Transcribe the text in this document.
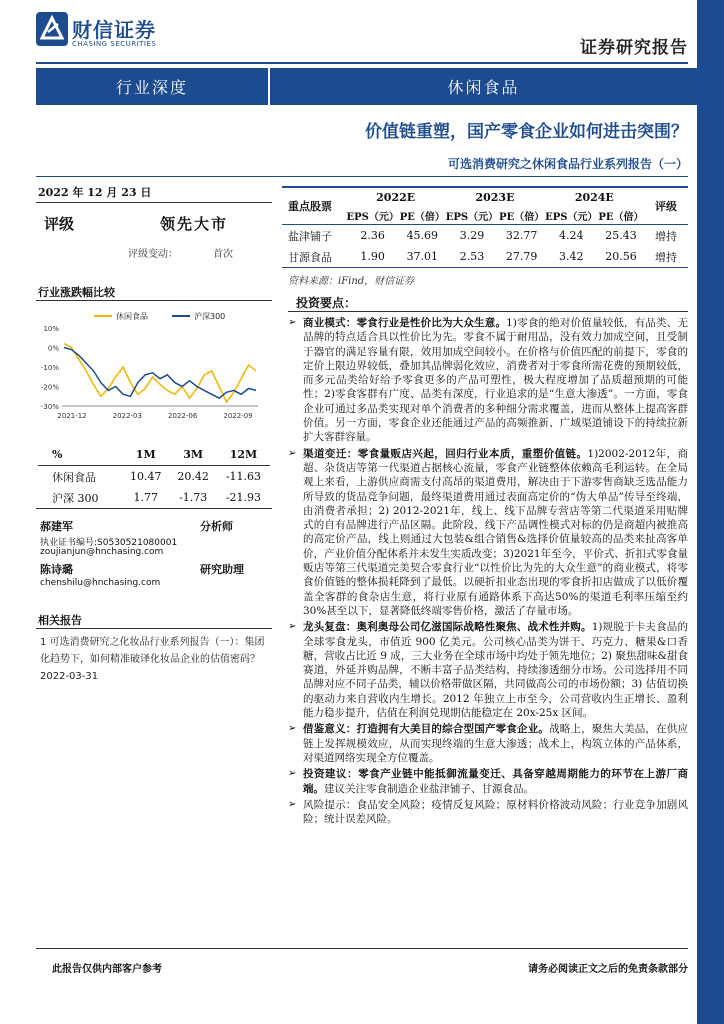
财信证券
CHASING SECURITIES	证券研究报告
行业深度	休闲食品
价值链重塑，国产零食企业如何进击突围？
可选消费研究之休闲食品行业系列报告（一）
2022 年 12 月 23 日
评级	领先大市
评级变动：	首次
行业涨跌幅比较
10%
0%
-10%
-20%
-30%
2021-12	2022-03	2022-06	2022-09
休闲食品	沪深300
%	1M	3M	12M
休闲食品	10.47	20.42	-11.63
沪深 300	1.77	-1.73	-21.93
郝建军	分析师
执业证书编号:S0530521080001
zoujianjun@hnchasing.com
陈诗璐	研究助理
chenshilu@hnchasing.com
相关报告
1 可选消费研究之化妆品行业系列报告（一）：集团化趋势下，如何精准破译化妆品企业的估值密码？2022-03-31
重点股票	2022E		2023E		2024E		评级
	EPS（元）	PE（倍）	EPS（元）	PE（倍）	EPS（元）	PE（倍）	
盐津铺子	2.36	45.69	3.29	32.77	4.24	25.43	增持
甘源食品	1.90	37.01	2.53	27.79	3.42	20.56	增持
资料来源：iFind，财信证券
投资要点：
➢ 商业模式：零食行业是性价比为大众生意。1)零食的绝对价值量较低，有品类、无品牌的特点适合具以性价比为先。零食不属于耐用品，没有效力加成空间，且受制于器官的满足容量有限，效用加成空间较小。在价格与价值匹配的前提下，零食的定价上限边界较低，叠加其品牌弱化效应，消费者对于零食所需花费的预期较低，而多元品类给好给予零食更多的产品可塑性，极大程度增加了品质超预期的可能性；2)零食客群有广度、品类有深度，行业追求的是“生意大渗透”。一方面，零食企业可通过多品类实现对单个消费者的多种细分需求覆盖，进而从整体上提高客群价值。另一方面，零食企业还能通过产品的高频推新、广域渠道铺设下的持续拉新扩大客群容量。
➢ 渠道变迁：零食量贩店兴起，回归行业本质，重塑价值链。1)2002-2012年，商超、杂货店等第一代渠道占据核心流量，零食产业链整体依赖高毛利运转。在全局观上来看，上游供应商需支付高昂的渠道费用，解决由于下游零售商缺乏选品能力所导致的货品竞争问题，最终渠道费用通过表面高定价的“伪大单品”传导至终端，由消费者承担；2) 2012-2021年，线上、线下品牌专营店等第二代渠道采用贴牌式的自有品牌进行产品区隔。此阶段，线下产品调性模式对标的仍是商超内被推高的高定价产品，线上则通过大包装&组合销售&选择价值量较高的品类来扯高客单价，产业价值分配体系并未发生实质改变；3)2021年至今，平价式、折扣式零食量贩店等第三代渠道完美契合零食行业“以性价比为先的大众生意”的商业模式，将零食价值链的整体损耗降到了最低。以硬折扣业态出现的零食折扣店做成了以低价覆盖全客群的食杂店生意，将行业原有通路体系下高达50%的渠道毛利率压缩至约30%甚至以下，显著降低终端零售价格，激活了存量市场。
➢ 龙头复盘：奥利奥母公司亿滋国际战略性聚焦、战术性并购。1)规脱于卡夫食品的全球零食龙头，市值近 900 亿美元。公司核心品类为饼干、巧克力、糖果&口香糖，营收占比近 9 成，三大业务在全球市场中均处于领先地位；2) 聚焦甜味&甜食赛道，外延并购品牌，不断丰富子品类结构，持续渗透细分市场。公司选择用不同品牌对应不同子品类，辅以价格带做区隔，共同做高公司的市场份额；3) 估值切换的驱动力来自营收内生增长。2012 年独立上市至今，公司营收内生正增长、盈利能力稳步提升，估值在利润兑现期估能稳定在 20x-25x 区间。
➢ 借鉴意义：打造拥有大美目的综合型国产零食企业。战略上，聚焦大美品，在供应链上发挥规模效应，从而实现终端的生意大渗透；战术上，构筑立体的产品体系，对渠道网络实现全方位覆盖。
➢ 投资建议：零食产业链中能抵御流量变迁、具备穿越周期能力的环节在上游厂商端。建议关注零食制造企业盐津铺子、甘源食品。
➢ 风险提示：食品安全风险；疫情反复风险；原材料价格波动风险；行业竞争加剧风险；统计误差风险。
此报告仅供内部客户参考	请务必阅读正文之后的免责条款部分
